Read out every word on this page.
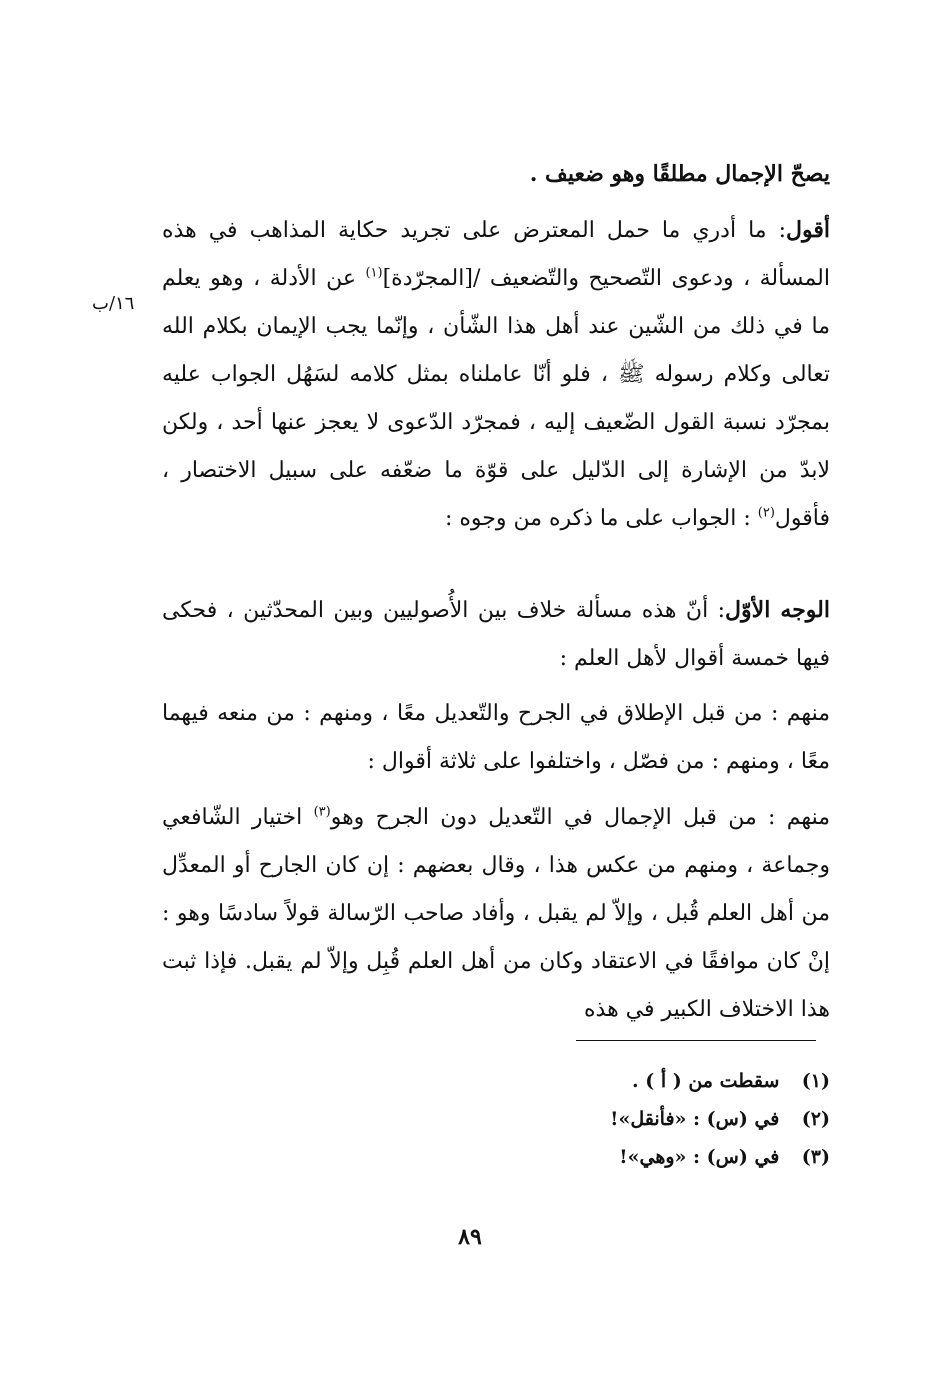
١٦/ب
يصحّ الإجمال مطلقًا وهو ضعيف .
أقول: ما أدري ما حمل المعترض على تجريد حكاية المذاهب في هذه المسألة ، ودعوى التّصحيح والتّضعيف /[المجرّدة]$^{(١)}$ عن الأدلة ، وهو يعلم ما في ذلك من الشّين عند أهل هذا الشّأن ، وإنّما يجب الإيمان بكلام الله تعالى وكلام رسوله ﷺ ، فلو أنّا عاملناه بمثل كلامه لسَهُل الجواب عليه بمجرّد نسبة القول الضّعيف إليه ، فمجرّد الدّعوى لا يعجز عنها أحد ، ولكن لابدّ من الإشارة إلى الدّليل على قوّة ما ضعّفه على سبيل الاختصار ، فأقول$^{(٢)}$ : الجواب على ما ذكره من وجوه :
الوجه الأوّل: أنّ هذه مسألة خلاف بين الأُصوليين وبين المحدّثين ، فحكى فيها خمسة أقوال لأهل العلم :
منهم : من قبل الإطلاق في الجرح والتّعديل معًا ، ومنهم : من منعه فيهما معًا ، ومنهم : من فصّل ، واختلفوا على ثلاثة أقوال :
منهم : من قبل الإجمال في التّعديل دون الجرح وهو$^{(٣)}$ اختيار الشّافعي وجماعة ، ومنهم من عكس هذا ، وقال بعضهم : إن كان الجارح أو المعدِّل من أهل العلم قُبل ، وإلاّ لم يقبل ، وأفاد صاحب الرّسالة قولاً سادسًا وهو : إنْ كان موافقًا في الاعتقاد وكان من أهل العلم قُبِل وإلاّ لم يقبل. فإذا ثبت هذا الاختلاف الكبير في هذه
(١) سقطت من ( أ ) .
(٢) في (س) : «فأنقل»!
(٣) في (س) : «وهي»!
٨٩
